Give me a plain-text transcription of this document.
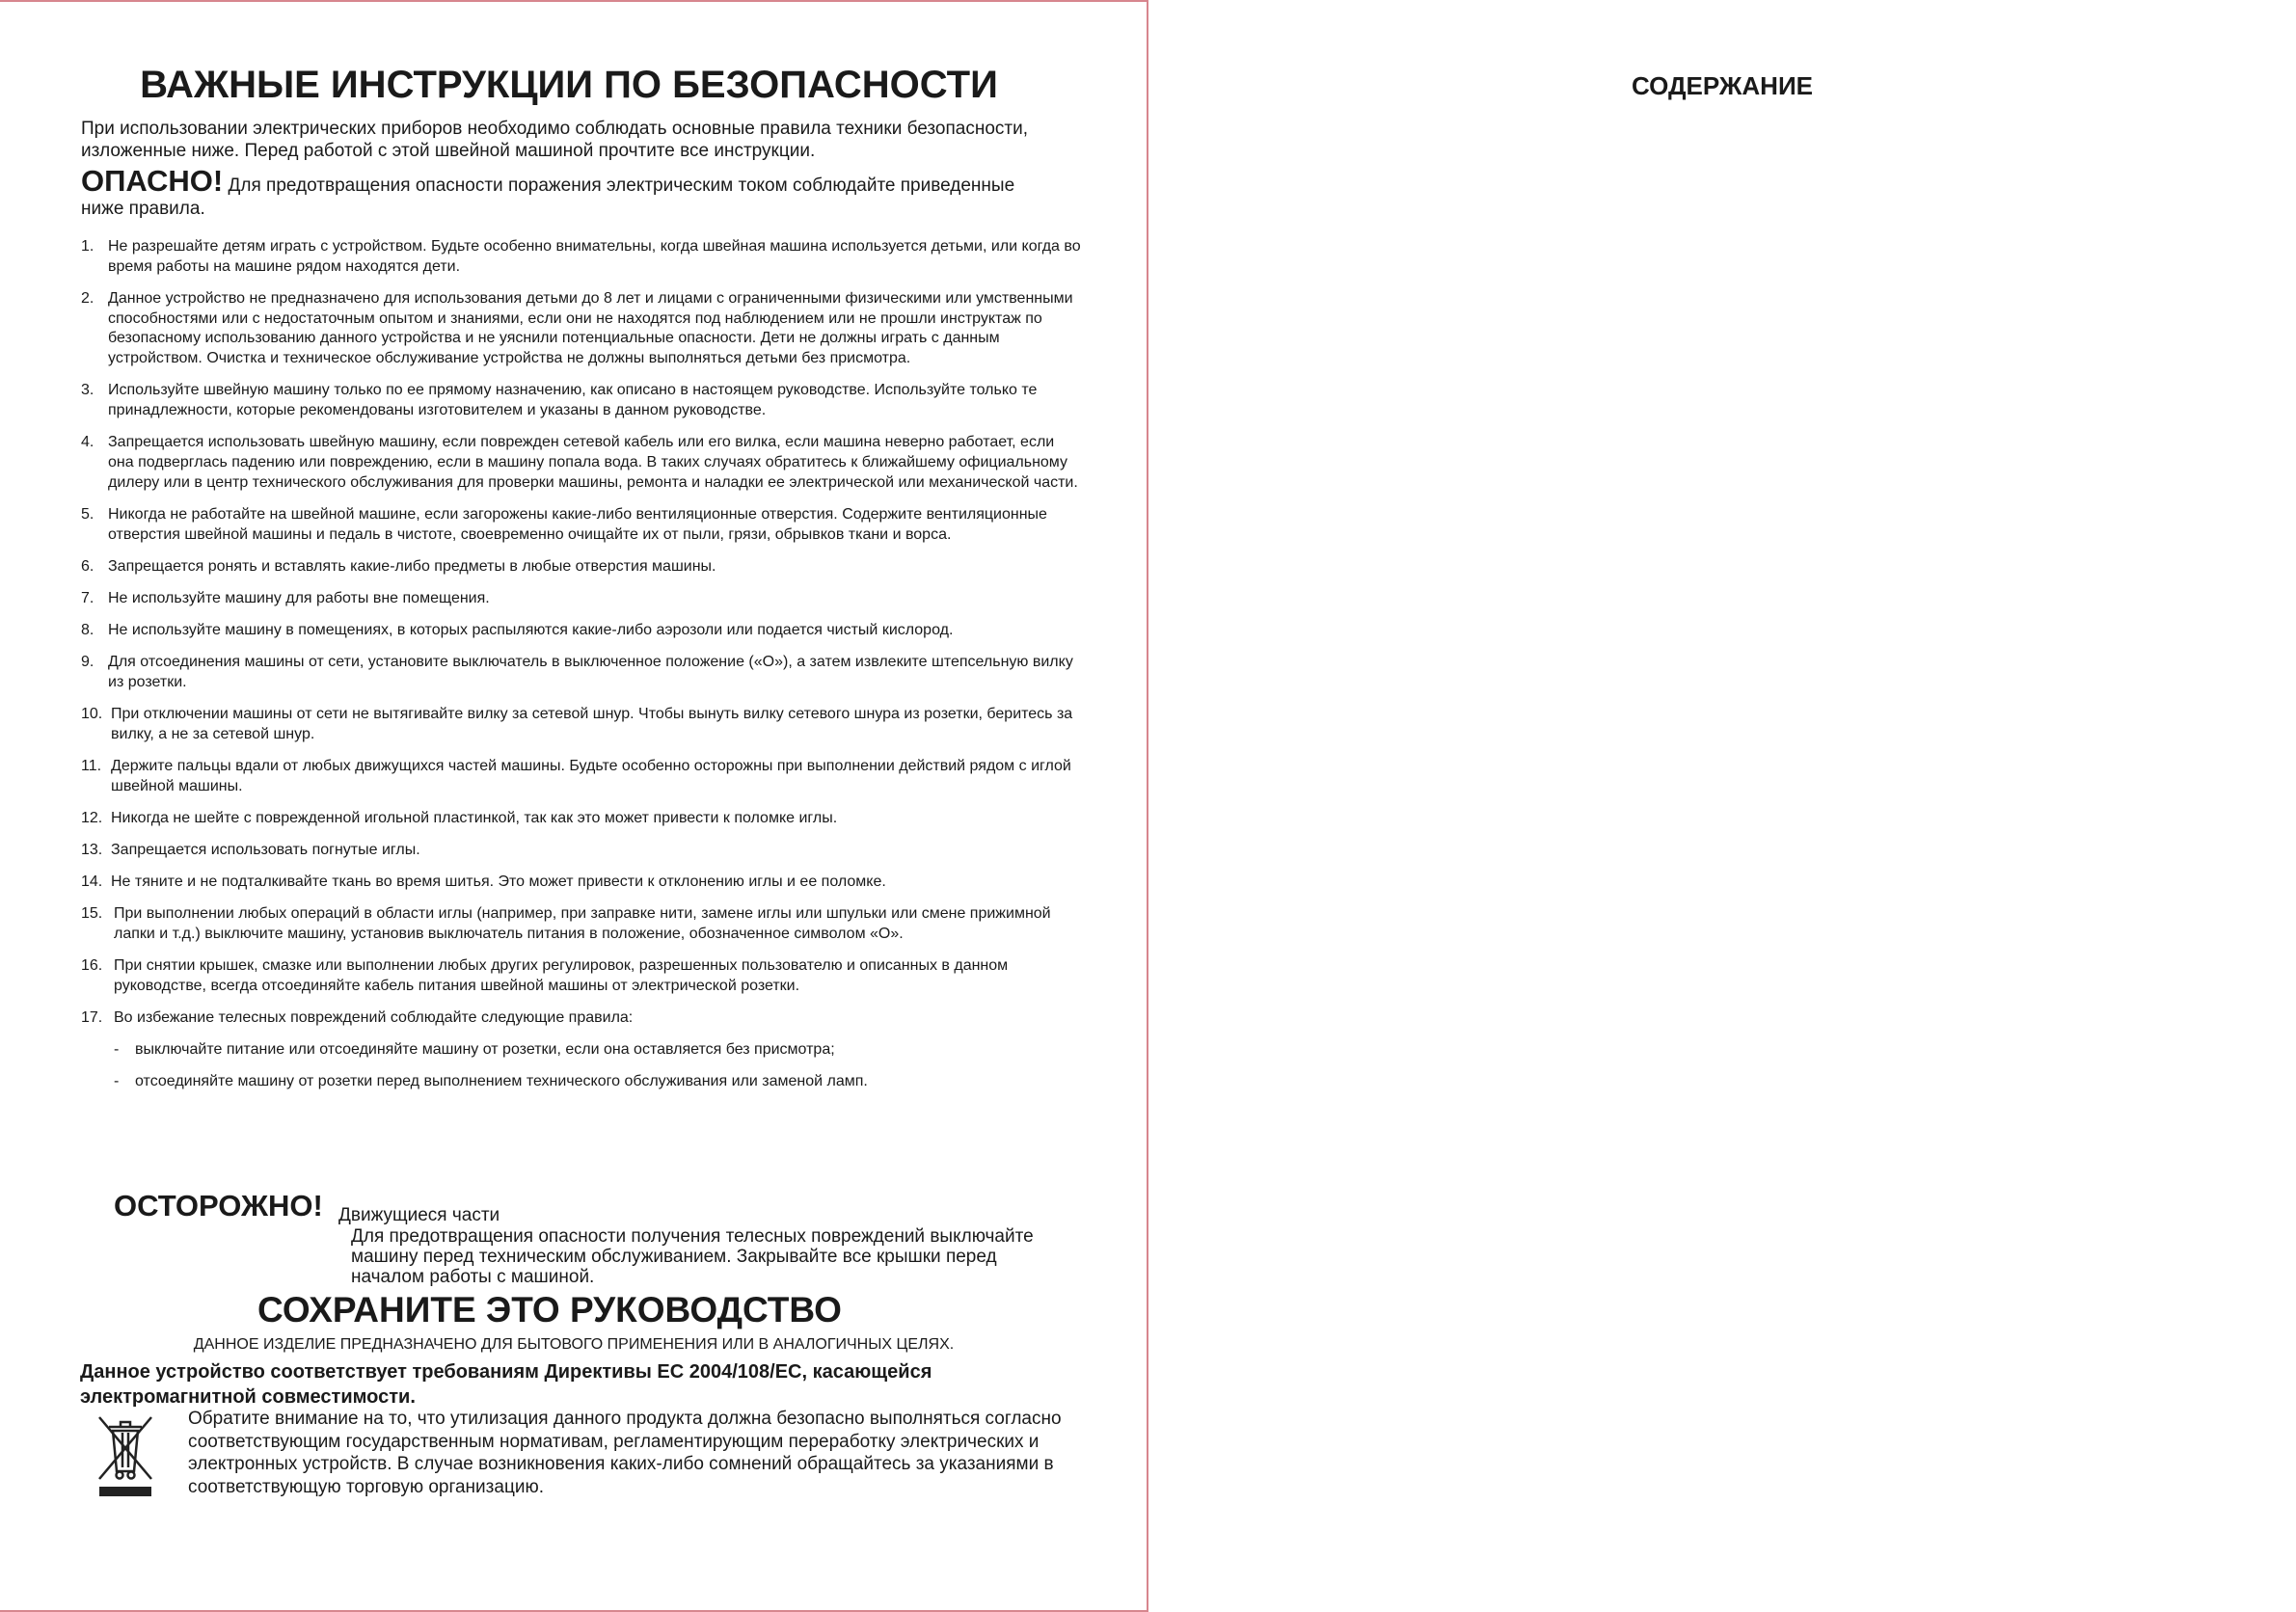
ВАЖНЫЕ ИНСТРУКЦИИ ПО БЕЗОПАСНОСТИ
При использовании электрических приборов необходимо соблюдать основные правила техники безопасности, изложенные ниже. Перед работой с этой швейной машиной прочтите все инструкции.
ОПАСНО! Для предотвращения опасности поражения электрическим током соблюдайте приведенные ниже правила.
1. Не разрешайте детям играть с устройством. Будьте особенно внимательны, когда швейная машина используется детьми, или когда во время работы на машине рядом находятся дети.
2. Данное устройство не предназначено для использования детьми до 8 лет и лицами с ограниченными физическими или умственными способностями или с недостаточным опытом и знаниями, если они не находятся под наблюдением или не прошли инструктаж по безопасному использованию данного устройства и не уяснили потенциальные опасности. Дети не должны играть с данным устройством. Очистка и техническое обслуживание устройства не должны выполняться детьми без присмотра.
3. Используйте швейную машину только по ее прямому назначению, как описано в настоящем руководстве. Используйте только те принадлежности, которые рекомендованы изготовителем и указаны в данном руководстве.
4. Запрещается использовать швейную машину, если поврежден сетевой кабель или его вилка, если машина неверно работает, если она подверглась падению или повреждению, если в машину попала вода. В таких случаях обратитесь к ближайшему официальному дилеру или в центр технического обслуживания для проверки машины, ремонта и наладки ее электрической или механической части.
5. Никогда не работайте на швейной машине, если загорожены какие-либо вентиляционные отверстия. Содержите вентиляционные отверстия швейной машины и педаль в чистоте, своевременно очищайте их от пыли, грязи, обрывков ткани и ворса.
6. Запрещается ронять и вставлять какие-либо предметы в любые отверстия машины.
7. Не используйте машину для работы вне помещения.
8. Не используйте машину в помещениях, в которых распыляются какие-либо аэрозоли или подается чистый кислород.
9. Для отсоединения машины от сети, установите выключатель в выключенное положение («O»), а затем извлеките штепсельную вилку из розетки.
10. При отключении машины от сети не вытягивайте вилку за сетевой шнур. Чтобы вынуть вилку сетевого шнура из розетки, беритесь за вилку, а не за сетевой шнур.
11. Держите пальцы вдали от любых движущихся частей машины. Будьте особенно осторожны при выполнении действий рядом с иглой швейной машины.
12. Никогда не шейте с поврежденной игольной пластинкой, так как это может привести к поломке иглы.
13. Запрещается использовать погнутые иглы.
14. Не тяните и не подталкивайте ткань во время шитья. Это может привести к отклонению иглы и ее поломке.
15. При выполнении любых операций в области иглы (например, при заправке нити, замене иглы или шпульки или смене прижимной лапки и т.д.) выключите машину, установив выключатель питания в положение, обозначенное символом «O».
16. При снятии крышек, смазке или выполнении любых других регулировок, разрешенных пользователю и описанных в данном руководстве, всегда отсоединяйте кабель питания швейной машины от электрической розетки.
17. Во избежание телесных повреждений соблюдайте следующие правила:
- выключайте питание или отсоединяйте машину от розетки, если она оставляется без присмотра;
- отсоединяйте машину от розетки перед выполнением технического обслуживания или заменой ламп.
ОСТОРОЖНО! Движущиеся части
Для предотвращения опасности получения телесных повреждений выключайте машину перед техническим обслуживанием. Закрывайте все крышки перед началом работы с машиной.
СОХРАНИТЕ ЭТО РУКОВОДСТВО
ДАННОЕ ИЗДЕЛИЕ ПРЕДНАЗНАЧЕНО ДЛЯ БЫТОВОГО ПРИМЕНЕНИЯ ИЛИ В АНАЛОГИЧНЫХ ЦЕЛЯХ.
Данное устройство соответствует требованиям Директивы ЕС 2004/108/EC, касающейся электромагнитной совместимости.
Обратите внимание на то, что утилизация данного продукта должна безопасно выполняться согласно соответствующим государственным нормативам, регламентирующим переработку электрических и электронных устройств. В случае возникновения каких-либо сомнений обращайтесь за указаниями в соответствующую торговую организацию.
СОДЕРЖАНИЕ
